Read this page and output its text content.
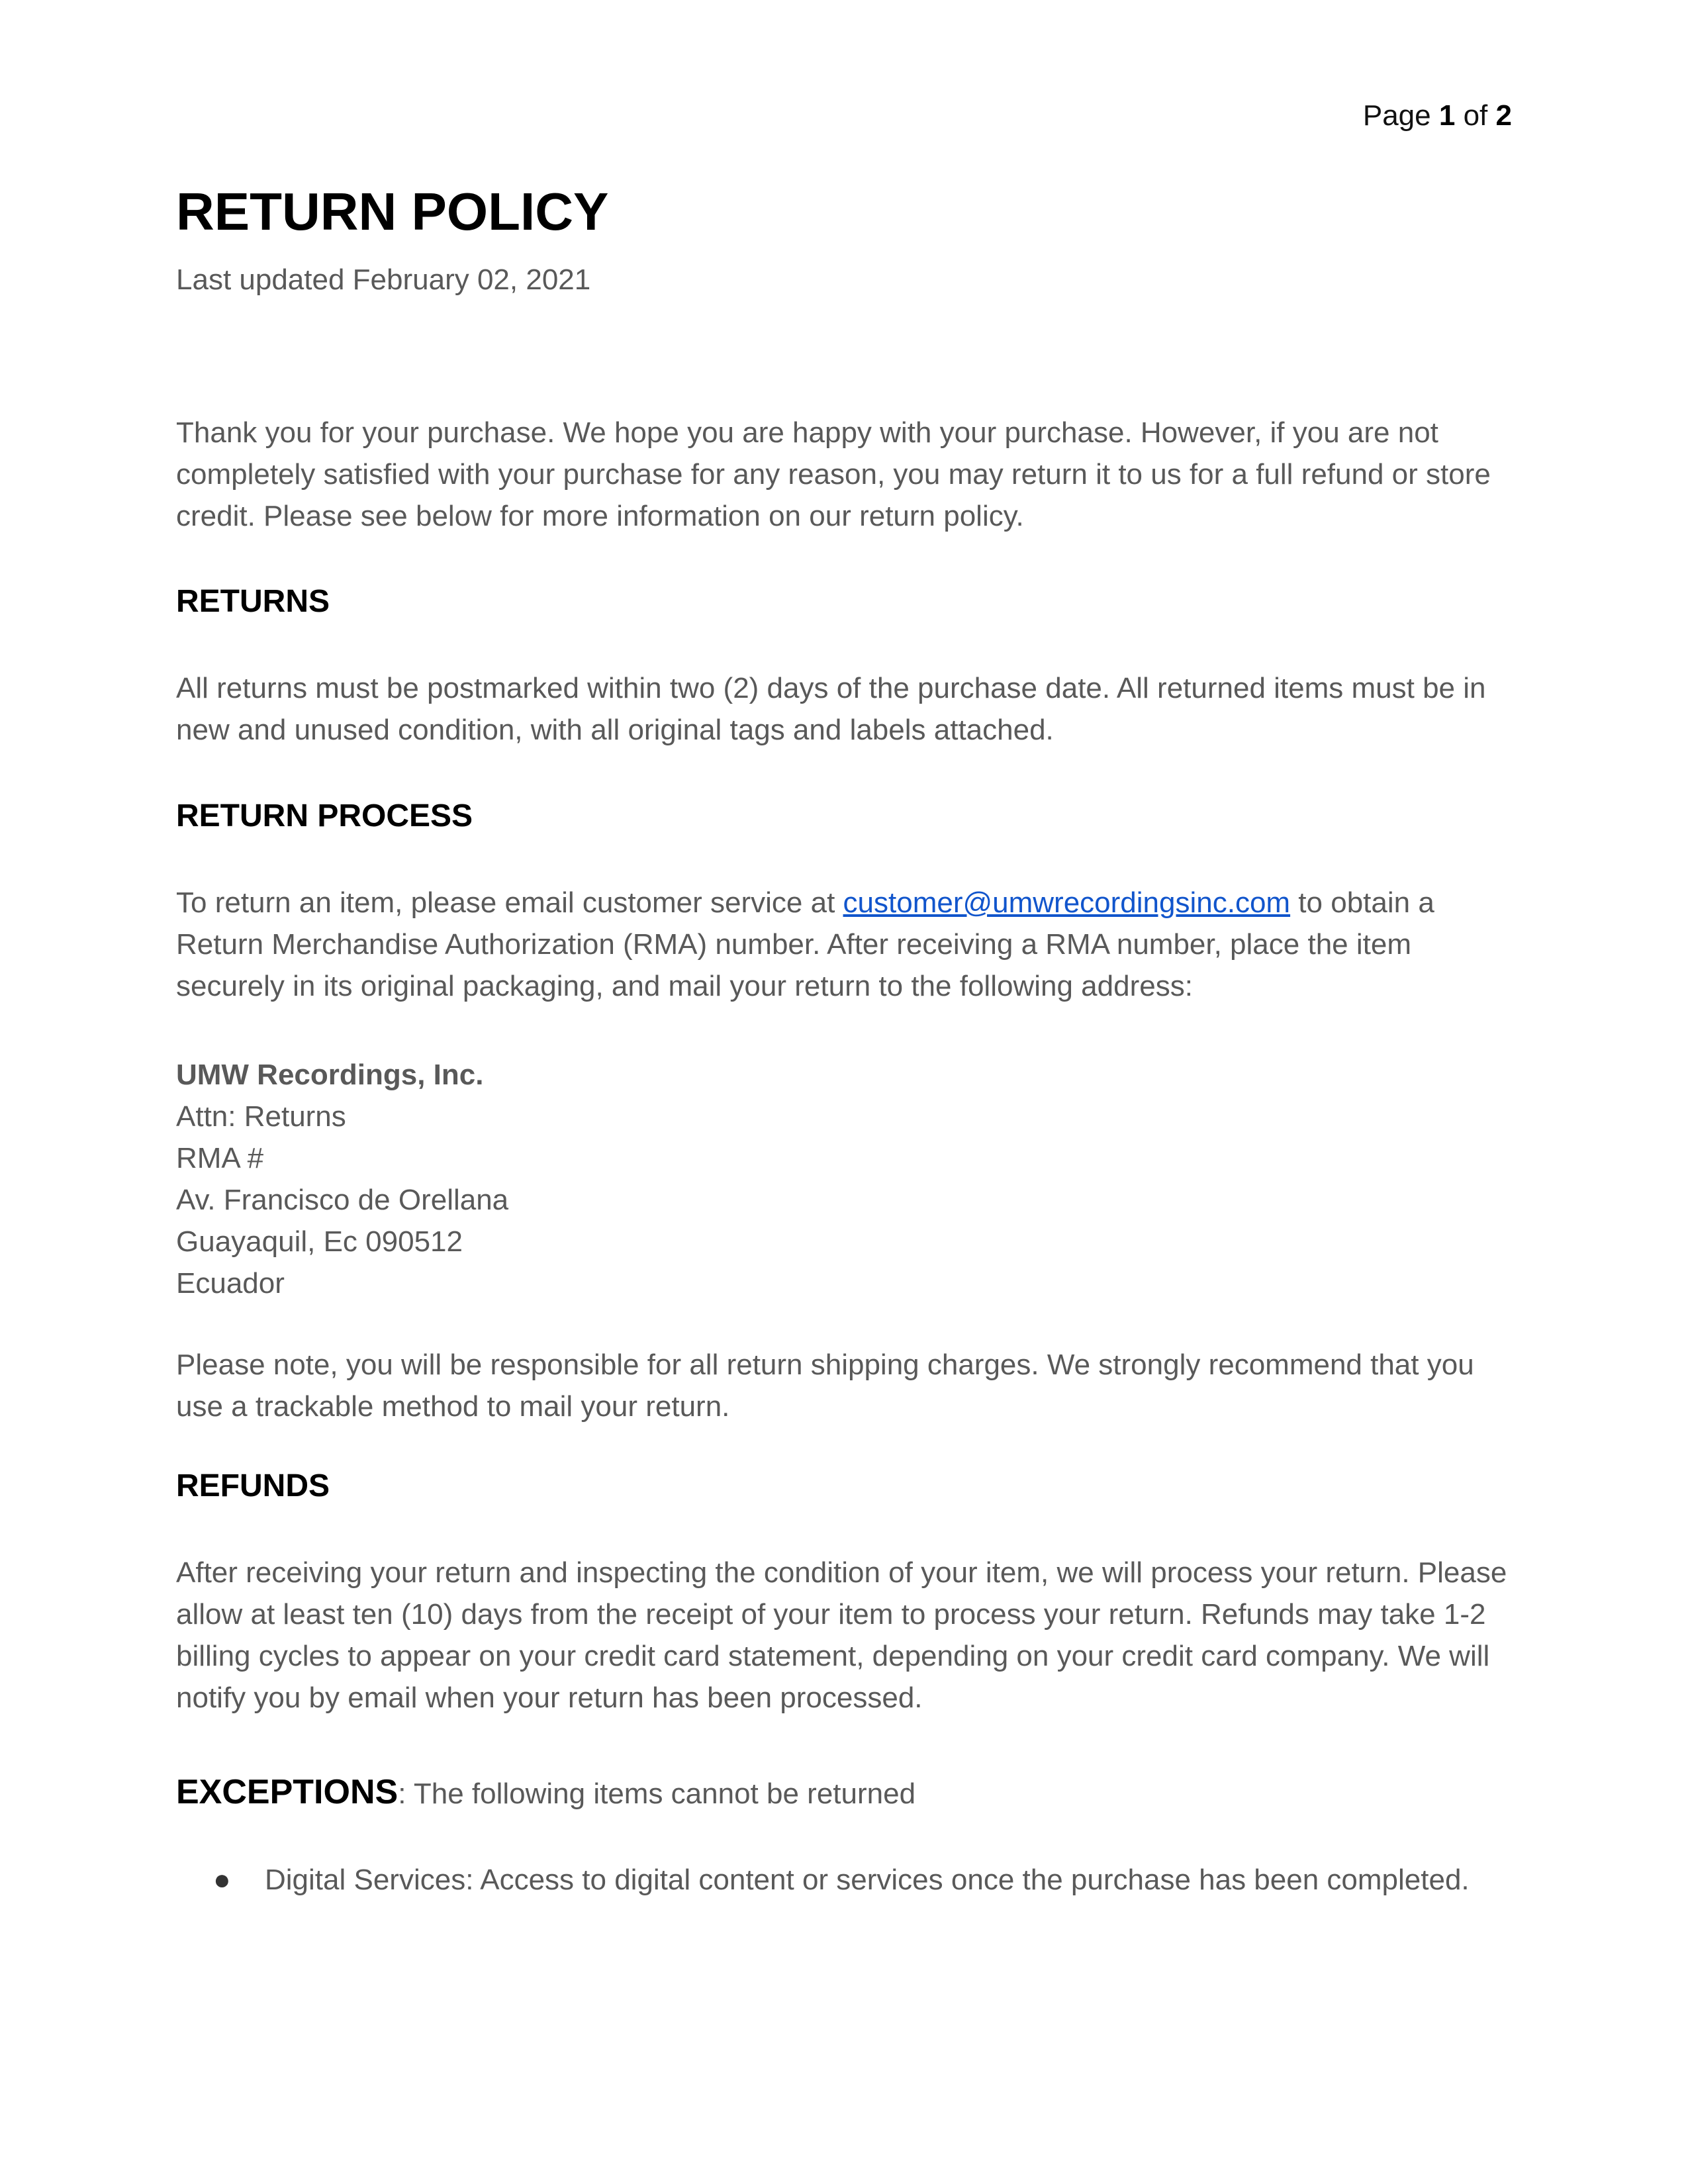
Page 1 of 2
RETURN POLICY
Last updated February 02, 2021

Thank you for your purchase. We hope you are happy with your purchase. However, if you are not completely satisfied with your purchase for any reason, you may return it to us for a full refund or store credit. Please see below for more information on our return policy.

RETURNS

All returns must be postmarked within two (2) days of the purchase date. All returned items must be in new and unused condition, with all original tags and labels attached.

RETURN PROCESS

To return an item, please email customer service at customer@umwrecordingsinc.com to obtain a Return Merchandise Authorization (RMA) number. After receiving a RMA number, place the item securely in its original packaging, and mail your return to the following address:

UMW Recordings, Inc.
Attn: Returns
RMA #
Av. Francisco de Orellana
Guayaquil, Ec 090512
Ecuador

Please note, you will be responsible for all return shipping charges. We strongly recommend that you use a trackable method to mail your return.

REFUNDS

After receiving your return and inspecting the condition of your item, we will process your return. Please allow at least ten (10) days from the receipt of your item to process your return. Refunds may take 1-2 billing cycles to appear on your credit card statement, depending on your credit card company. We will notify you by email when your return has been processed.

EXCEPTIONS: The following items cannot be returned
● Digital Services: Access to digital content or services once the purchase has been completed.
